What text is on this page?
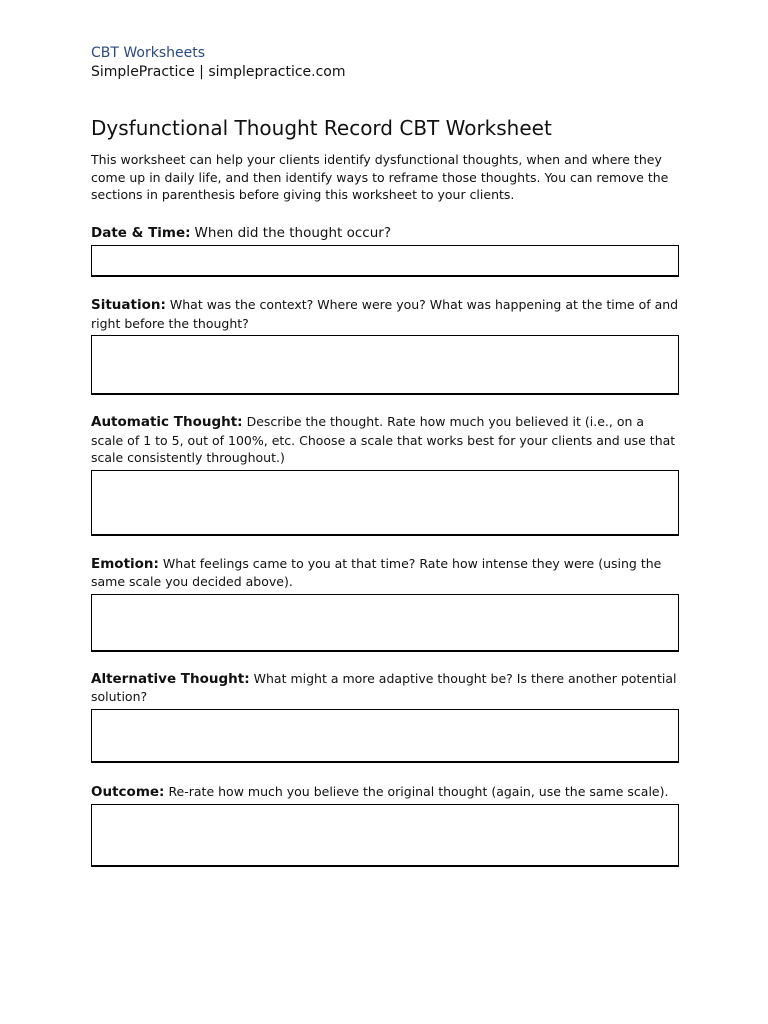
CBT Worksheets

SimplePractice | simplepractice.com

Dysfunctional Thought Record CBT Worksheet

This worksheet can help your clients identify dysfunctional thoughts, when and where they come up in daily life, and then identify ways to reframe those thoughts. You can remove the sections in parenthesis before giving this worksheet to your clients.

Date & Time: When did the thought occur?

Situation: What was the context? Where were you? What was happening at the time of and right before the thought?

Automatic Thought: Describe the thought. Rate how much you believed it (i.e., on a scale of 1 to 5, out of 100%, etc. Choose a scale that works best for your clients and use that scale consistently throughout.)

Emotion: What feelings came to you at that time? Rate how intense they were (using the same scale you decided above).

Alternative Thought: What might a more adaptive thought be? Is there another potential solution?

Outcome: Re-rate how much you believe the original thought (again, use the same scale).
